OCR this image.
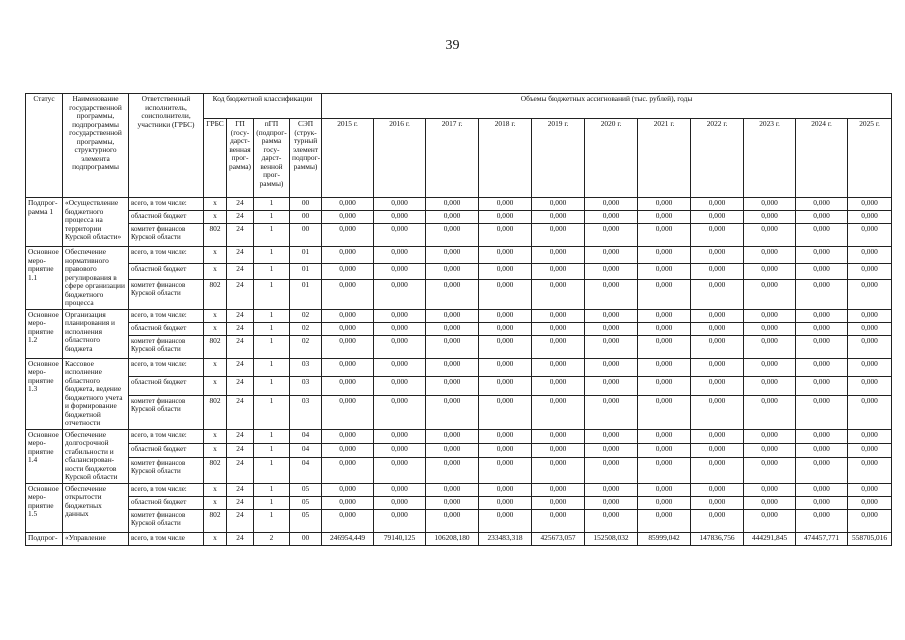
39
Статус	Наименование государственной программы, подпрограммы государственной программы, структурного элемента подпрограммы	Ответственный исполнитель, соисполнители, участники (ГРБС)	Код бюджетной классификации				Объемы бюджетных ассигнований (тыс. рублей), годы										
			ГРБС	ГП (госу-дарст-венная прог-рамма)	пГП (подпрог-рамма госу-дарст-венной прог-раммы)	СЭП (струк-турный элемент подпрог-раммы)	2015 г.	2016 г.	2017 г.	2018 г.	2019 г.	2020 г.	2021 г.	2022 г.	2023 г.	2024 г.	2025 г.
Подпрог-рамма 1	«Осуществление бюджетного процесса на территории Курской области»	всего, в том числе:	х	24	1	00	0,000	0,000	0,000	0,000	0,000	0,000	0,000	0,000	0,000	0,000	0,000
		областной бюджет	х	24	1	00	0,000	0,000	0,000	0,000	0,000	0,000	0,000	0,000	0,000	0,000	0,000
		комитет финансов Курской области	802	24	1	00	0,000	0,000	0,000	0,000	0,000	0,000	0,000	0,000	0,000	0,000	0,000
Основное меро-приятие 1.1	Обеспечение нормативного правового регулирования в сфере организации бюджетного процесса	всего, в том числе:	х	24	1	01	0,000	0,000	0,000	0,000	0,000	0,000	0,000	0,000	0,000	0,000	0,000
		областной бюджет	х	24	1	01	0,000	0,000	0,000	0,000	0,000	0,000	0,000	0,000	0,000	0,000	0,000
		комитет финансов Курской области	802	24	1	01	0,000	0,000	0,000	0,000	0,000	0,000	0,000	0,000	0,000	0,000	0,000
Основное меро-приятие 1.2	Организация планирования и исполнения областного бюджета	всего, в том числе:	х	24	1	02	0,000	0,000	0,000	0,000	0,000	0,000	0,000	0,000	0,000	0,000	0,000
		областной бюджет	х	24	1	02	0,000	0,000	0,000	0,000	0,000	0,000	0,000	0,000	0,000	0,000	0,000
		комитет финансов Курской области	802	24	1	02	0,000	0,000	0,000	0,000	0,000	0,000	0,000	0,000	0,000	0,000	0,000
Основное меро-приятие 1.3	Кассовое исполнение областного бюджета, ведение бюджетного учета и формирование бюджетной отчетности	всего, в том числе:	х	24	1	03	0,000	0,000	0,000	0,000	0,000	0,000	0,000	0,000	0,000	0,000	0,000
		областной бюджет	х	24	1	03	0,000	0,000	0,000	0,000	0,000	0,000	0,000	0,000	0,000	0,000	0,000
		комитет финансов Курской области	802	24	1	03	0,000	0,000	0,000	0,000	0,000	0,000	0,000	0,000	0,000	0,000	0,000
Основное меро-приятие 1.4	Обеспечение долгосрочной стабильности и сбалансирован-ности бюджетов Курской области	всего, в том числе:	х	24	1	04	0,000	0,000	0,000	0,000	0,000	0,000	0,000	0,000	0,000	0,000	0,000
		областной бюджет	х	24	1	04	0,000	0,000	0,000	0,000	0,000	0,000	0,000	0,000	0,000	0,000	0,000
		комитет финансов Курской области	802	24	1	04	0,000	0,000	0,000	0,000	0,000	0,000	0,000	0,000	0,000	0,000	0,000
Основное меро-приятие 1.5	Обеспечение открытости бюджетных данных	всего, в том числе:	х	24	1	05	0,000	0,000	0,000	0,000	0,000	0,000	0,000	0,000	0,000	0,000	0,000
		областной бюджет	х	24	1	05	0,000	0,000	0,000	0,000	0,000	0,000	0,000	0,000	0,000	0,000	0,000
		комитет финансов Курской области	802	24	1	05	0,000	0,000	0,000	0,000	0,000	0,000	0,000	0,000	0,000	0,000	0,000
Подпрог-	«Управление	всего, в том числе	х	24	2	00	246954,449	79140,125	106208,180	233483,318	425673,057	152508,032	85999,042	147836,756	444291,845	474457,771	558705,016
